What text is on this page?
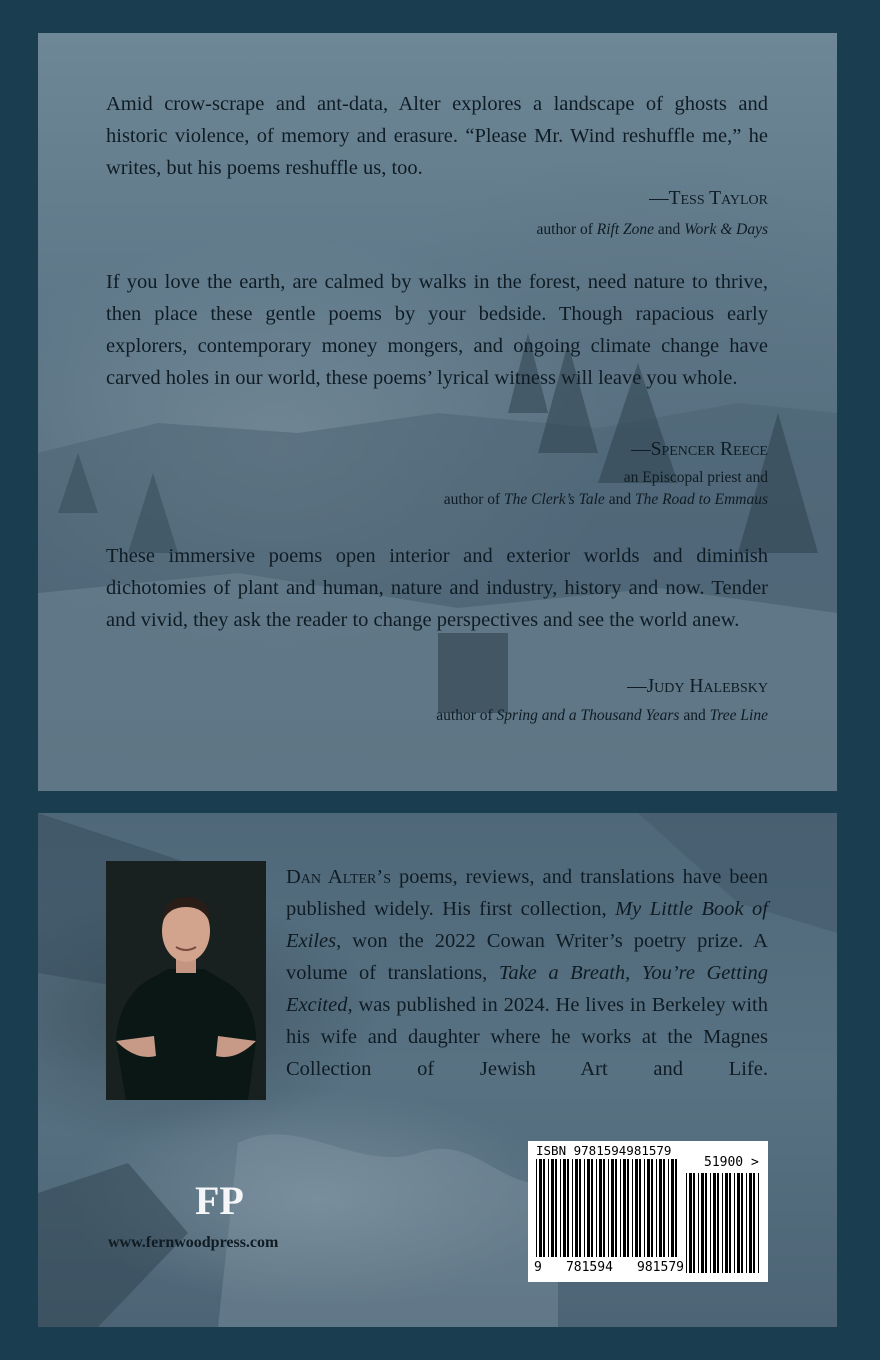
Amid crow-scrape and ant-data, Alter explores a landscape of ghosts and historic violence, of memory and erasure. “Please Mr. Wind reshuffle me,” he writes, but his poems reshuffle us, too.

—Tess Taylor
author of Rift Zone and Work & Days

If you love the earth, are calmed by walks in the forest, need nature to thrive, then place these gentle poems by your bedside. Though rapacious early explorers, contemporary money mongers, and ongoing climate change have carved holes in our world, these poems’ lyrical witness will leave you whole.

—Spencer Reece
an Episcopal priest and
author of The Clerk’s Tale and The Road to Emmaus

These immersive poems open interior and exterior worlds and diminish dichotomies of plant and human, nature and industry, history and now. Tender and vivid, they ask the reader to change perspectives and see the world anew.

—Judy Halebsky
author of Spring and a Thousand Years and Tree Line

Dan Alter’s poems, reviews, and translations have been published widely. His first collection, My Little Book of Exiles, won the 2022 Cowan Writer’s poetry prize. A volume of translations, Take a Breath, You’re Getting Excited, was published in 2024. He lives in Berkeley with his wife and daughter where he works at the Magnes Collection of Jewish Art and Life.

FP
www.fernwoodpress.com
ISBN 9781594981579
51900 >
9 781594 981579
